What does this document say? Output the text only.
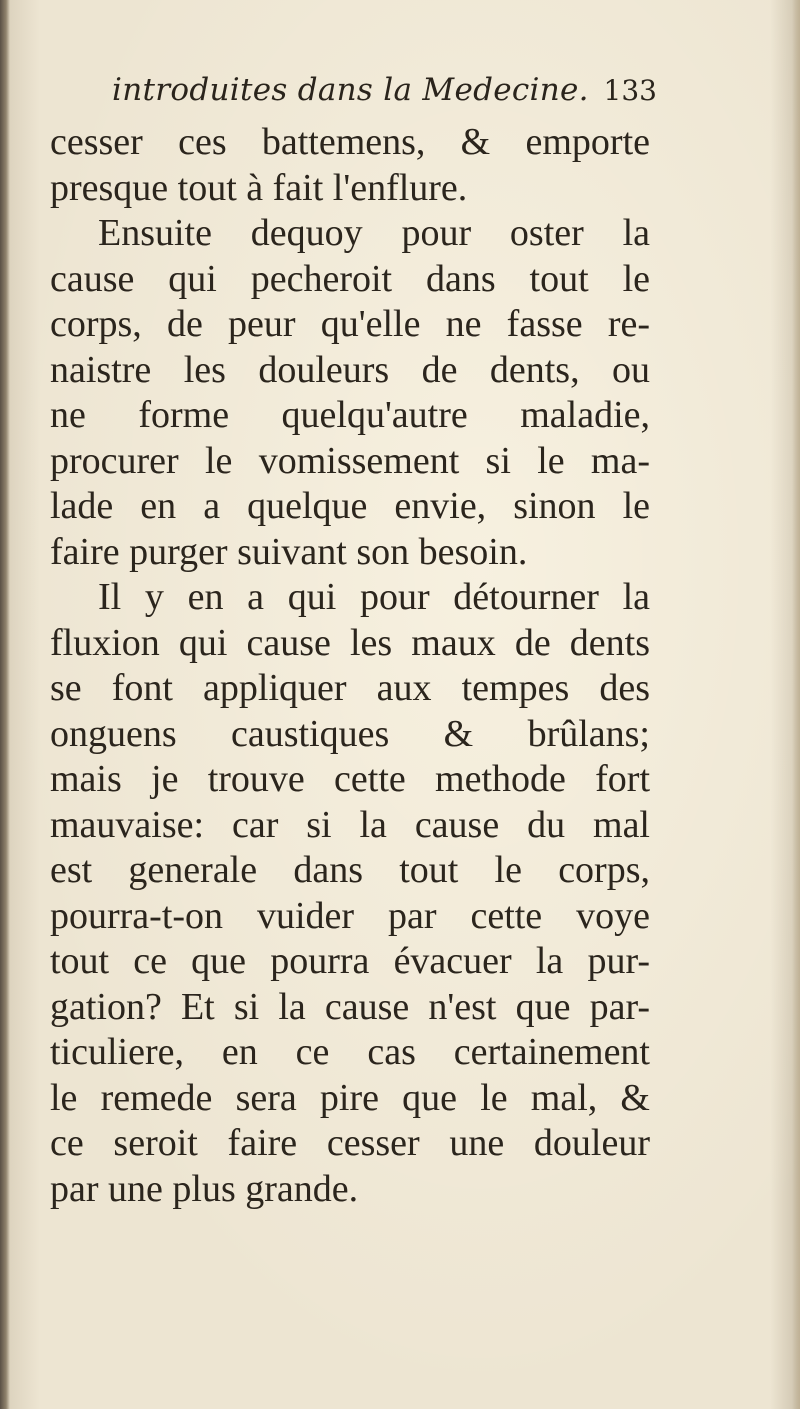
introduites dans la Medecine. 133
cesser ces battemens, & emporte
presque tout à fait l'enflure.
Ensuite dequoy pour oster la
cause qui pecheroit dans tout le
corps, de peur qu'elle ne fasse re-
naistre les douleurs de dents, ou
ne forme quelqu'autre maladie,
procurer le vomissement si le ma-
lade en a quelque envie, sinon le
faire purger suivant son besoin.
Il y en a qui pour détourner la
fluxion qui cause les maux de dents
se font appliquer aux tempes des
onguens caustiques & brûlans;
mais je trouve cette methode fort
mauvaise: car si la cause du mal
est generale dans tout le corps,
pourra-t-on vuider par cette voye
tout ce que pourra évacuer la pur-
gation? Et si la cause n'est que par-
ticuliere, en ce cas certainement
le remede sera pire que le mal, &
ce seroit faire cesser une douleur
par une plus grande.
